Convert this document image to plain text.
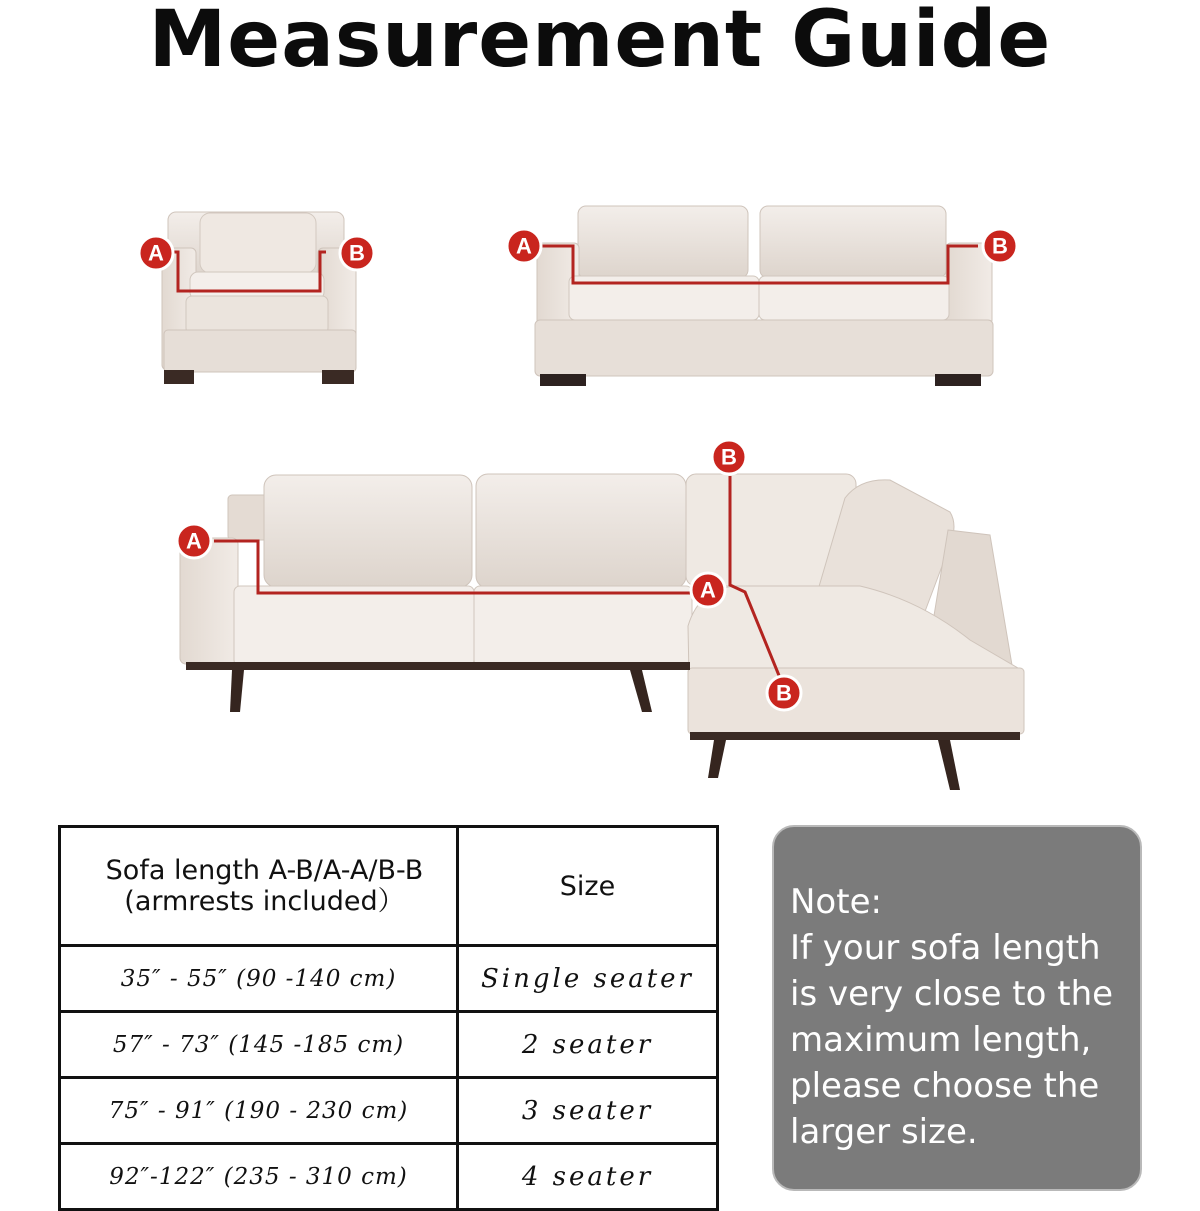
Measurement Guide
A	B	A	B
A
A
B
B
Sofa length A-B/A-A/B-B
(armrests included）	Size
35″ - 55″ (90 -140 cm)	Single seater
57″ - 73″ (145 -185 cm)	2 seater
75″ - 91″ (190 - 230 cm)	3 seater
92″-122″ (235 - 310 cm)	4 seater
Note:
If your sofa length is very close to the maximum length, please choose the larger size.
